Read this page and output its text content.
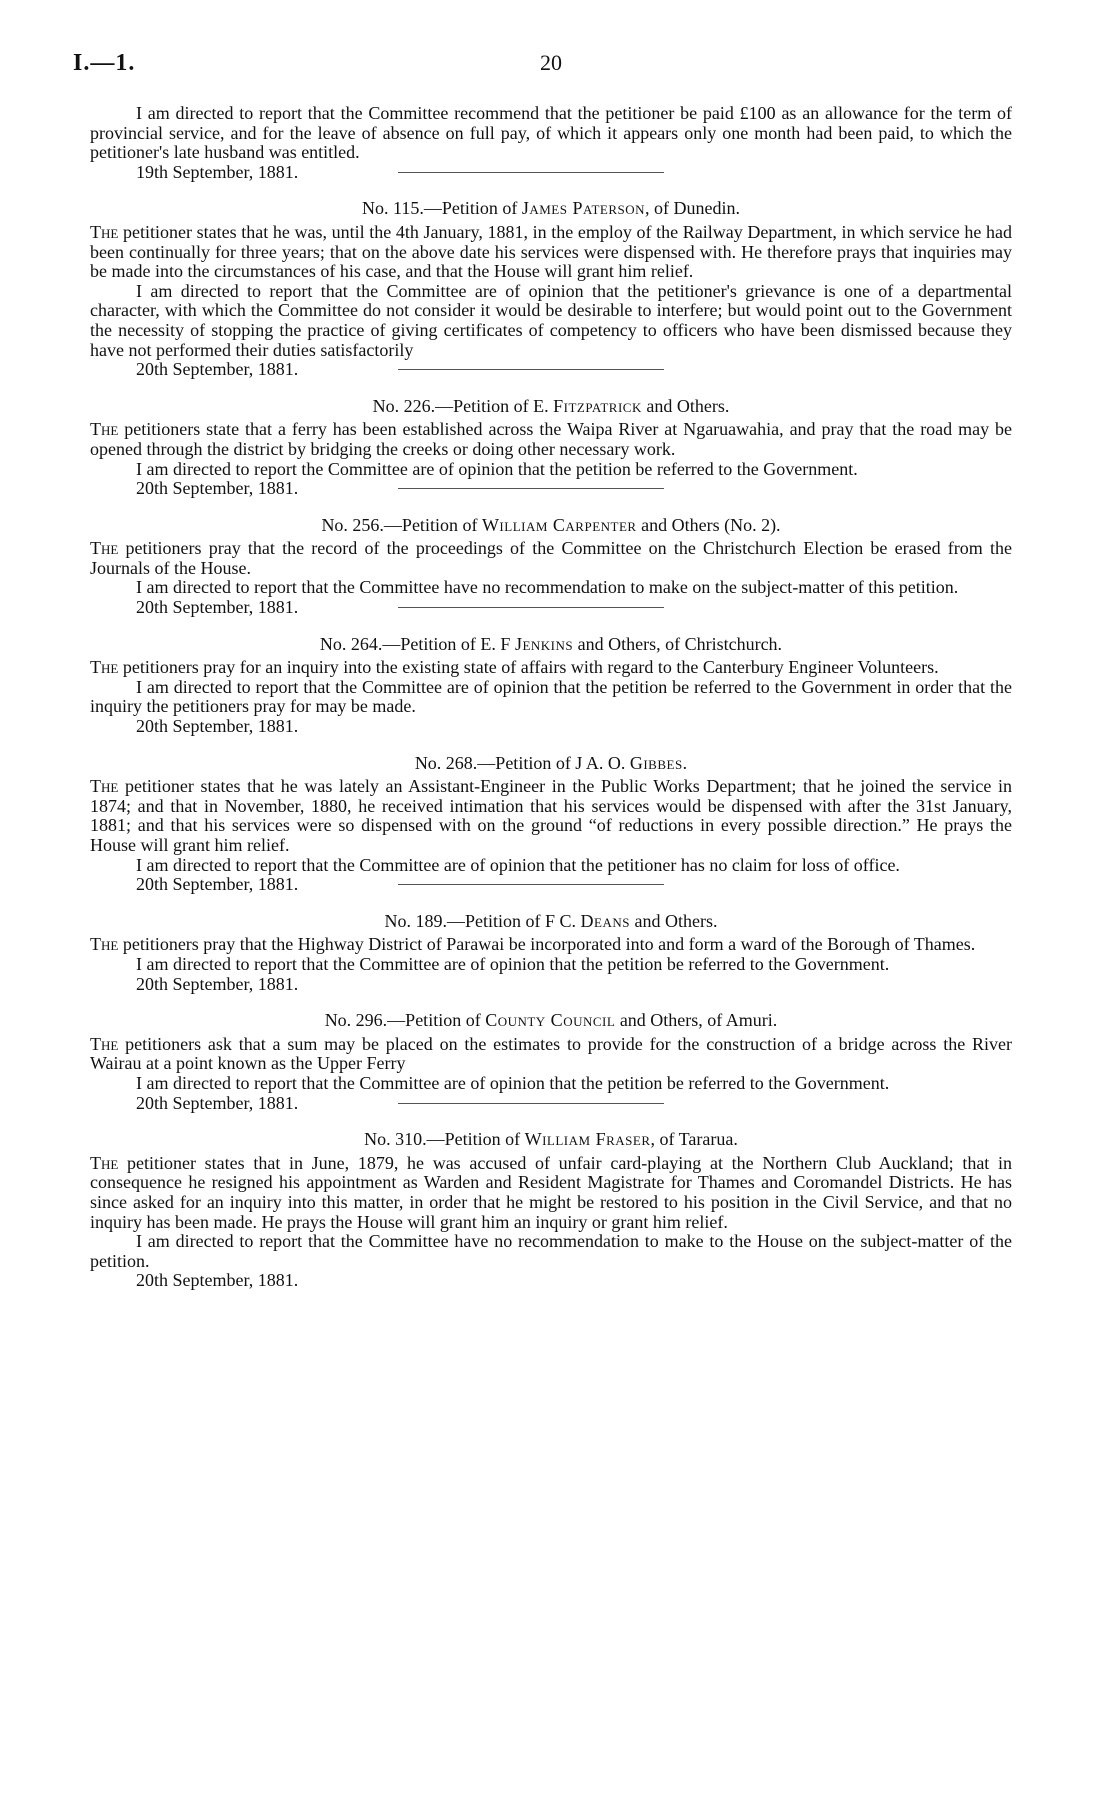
I.—1.	20

I am directed to report that the Committee recommend that the petitioner be paid £100 as an allowance for the term of provincial service, and for the leave of absence on full pay, of which it appears only one month had been paid, to which the petitioner's late husband was entitled.

19th September, 1881.

No. 115.—Petition of James Paterson, of Dunedin.

The petitioner states that he was, until the 4th January, 1881, in the employ of the Railway Department, in which service he had been continually for three years; that on the above date his services were dispensed with. He therefore prays that inquiries may be made into the circumstances of his case, and that the House will grant him relief.

I am directed to report that the Committee are of opinion that the petitioner's grievance is one of a departmental character, with which the Committee do not consider it would be desirable to interfere; but would point out to the Government the necessity of stopping the practice of giving certificates of competency to officers who have been dismissed because they have not performed their duties satisfactorily

20th September, 1881.

No. 226.—Petition of E. Fitzpatrick and Others.

The petitioners state that a ferry has been established across the Waipa River at Ngaruawahia, and pray that the road may be opened through the district by bridging the creeks or doing other necessary work.

I am directed to report the Committee are of opinion that the petition be referred to the Government.

20th September, 1881.

No. 256.—Petition of William Carpenter and Others (No. 2).

The petitioners pray that the record of the proceedings of the Committee on the Christchurch Election be erased from the Journals of the House.

I am directed to report that the Committee have no recommendation to make on the subject-matter of this petition.

20th September, 1881.

No. 264.—Petition of E. F Jenkins and Others, of Christchurch.

The petitioners pray for an inquiry into the existing state of affairs with regard to the Canterbury Engineer Volunteers.

I am directed to report that the Committee are of opinion that the petition be referred to the Government in order that the inquiry the petitioners pray for may be made.

20th September, 1881.

No. 268.—Petition of J A. O. Gibbes.

The petitioner states that he was lately an Assistant-Engineer in the Public Works Department; that he joined the service in 1874; and that in November, 1880, he received intimation that his services would be dispensed with after the 31st January, 1881; and that his services were so dispensed with on the ground “of reductions in every possible direction.” He prays the House will grant him relief.

I am directed to report that the Committee are of opinion that the petitioner has no claim for loss of office.

20th September, 1881.

No. 189.—Petition of F C. Deans and Others.

The petitioners pray that the Highway District of Parawai be incorporated into and form a ward of the Borough of Thames.

I am directed to report that the Committee are of opinion that the petition be referred to the Government.

20th September, 1881.

No. 296.—Petition of County Council and Others, of Amuri.

The petitioners ask that a sum may be placed on the estimates to provide for the construction of a bridge across the River Wairau at a point known as the Upper Ferry

I am directed to report that the Committee are of opinion that the petition be referred to the Government.

20th September, 1881.

No. 310.—Petition of William Fraser, of Tararua.

The petitioner states that in June, 1879, he was accused of unfair card-playing at the Northern Club Auckland; that in consequence he resigned his appointment as Warden and Resident Magistrate for Thames and Coromandel Districts. He has since asked for an inquiry into this matter, in order that he might be restored to his position in the Civil Service, and that no inquiry has been made. He prays the House will grant him an inquiry or grant him relief.

I am directed to report that the Committee have no recommendation to make to the House on the subject-matter of the petition.

20th September, 1881.
